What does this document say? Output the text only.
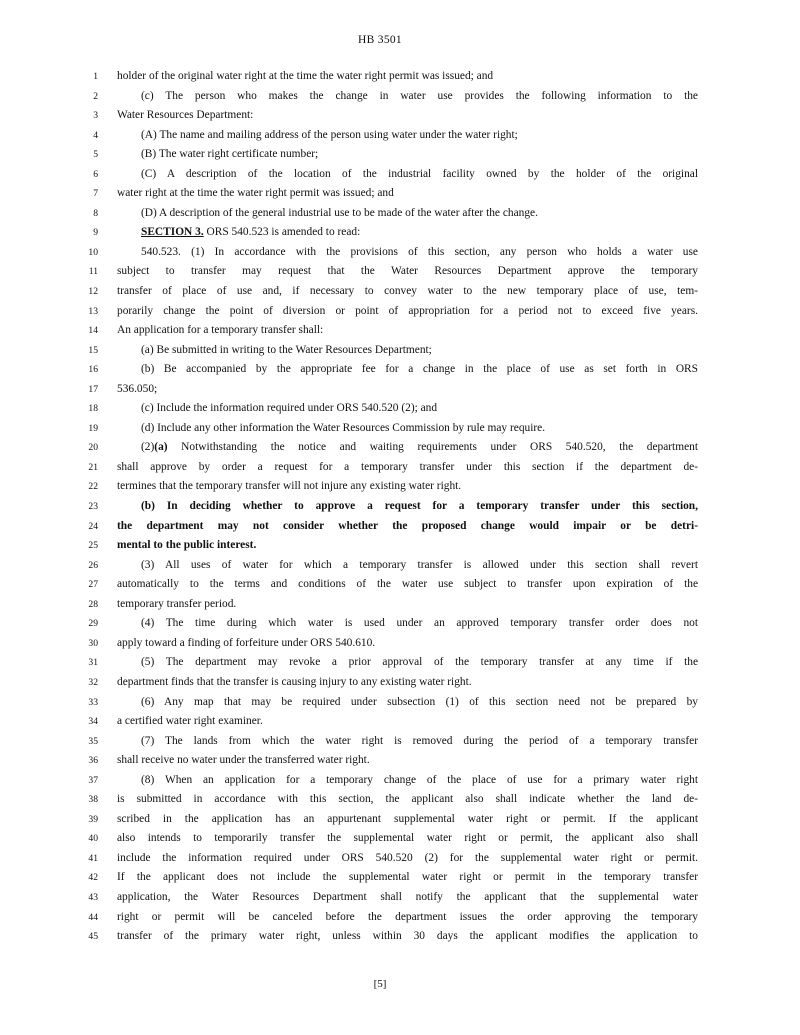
HB 3501
1 holder of the original water right at the time the water right permit was issued; and
2	(c) The person who makes the change in water use provides the following information to the
3 Water Resources Department:
4	(A) The name and mailing address of the person using water under the water right;
5	(B) The water right certificate number;
6	(C) A description of the location of the industrial facility owned by the holder of the original
7 water right at the time the water right permit was issued; and
8	(D) A description of the general industrial use to be made of the water after the change.
9	SECTION 3. ORS 540.523 is amended to read:
10	540.523. (1) In accordance with the provisions of this section, any person who holds a water use
11 subject to transfer may request that the Water Resources Department approve the temporary
12 transfer of place of use and, if necessary to convey water to the new temporary place of use, tem-
13 porarily change the point of diversion or point of appropriation for a period not to exceed five years.
14 An application for a temporary transfer shall:
15	(a) Be submitted in writing to the Water Resources Department;
16	(b) Be accompanied by the appropriate fee for a change in the place of use as set forth in ORS
17 536.050;
18	(c) Include the information required under ORS 540.520 (2); and
19	(d) Include any other information the Water Resources Commission by rule may require.
20	(2)(a) Notwithstanding the notice and waiting requirements under ORS 540.520, the department
21 shall approve by order a request for a temporary transfer under this section if the department de-
22 termines that the temporary transfer will not injure any existing water right.
23	(b) In deciding whether to approve a request for a temporary transfer under this section,
24 the department may not consider whether the proposed change would impair or be detri-
25 mental to the public interest.
26	(3) All uses of water for which a temporary transfer is allowed under this section shall revert
27 automatically to the terms and conditions of the water use subject to transfer upon expiration of the
28 temporary transfer period.
29	(4) The time during which water is used under an approved temporary transfer order does not
30 apply toward a finding of forfeiture under ORS 540.610.
31	(5) The department may revoke a prior approval of the temporary transfer at any time if the
32 department finds that the transfer is causing injury to any existing water right.
33	(6) Any map that may be required under subsection (1) of this section need not be prepared by
34 a certified water right examiner.
35	(7) The lands from which the water right is removed during the period of a temporary transfer
36 shall receive no water under the transferred water right.
37	(8) When an application for a temporary change of the place of use for a primary water right
38 is submitted in accordance with this section, the applicant also shall indicate whether the land de-
39 scribed in the application has an appurtenant supplemental water right or permit. If the applicant
40 also intends to temporarily transfer the supplemental water right or permit, the applicant also shall
41 include the information required under ORS 540.520 (2) for the supplemental water right or permit.
42 If the applicant does not include the supplemental water right or permit in the temporary transfer
43 application, the Water Resources Department shall notify the applicant that the supplemental water
44 right or permit will be canceled before the department issues the order approving the temporary
45 transfer of the primary water right, unless within 30 days the applicant modifies the application to
[5]
